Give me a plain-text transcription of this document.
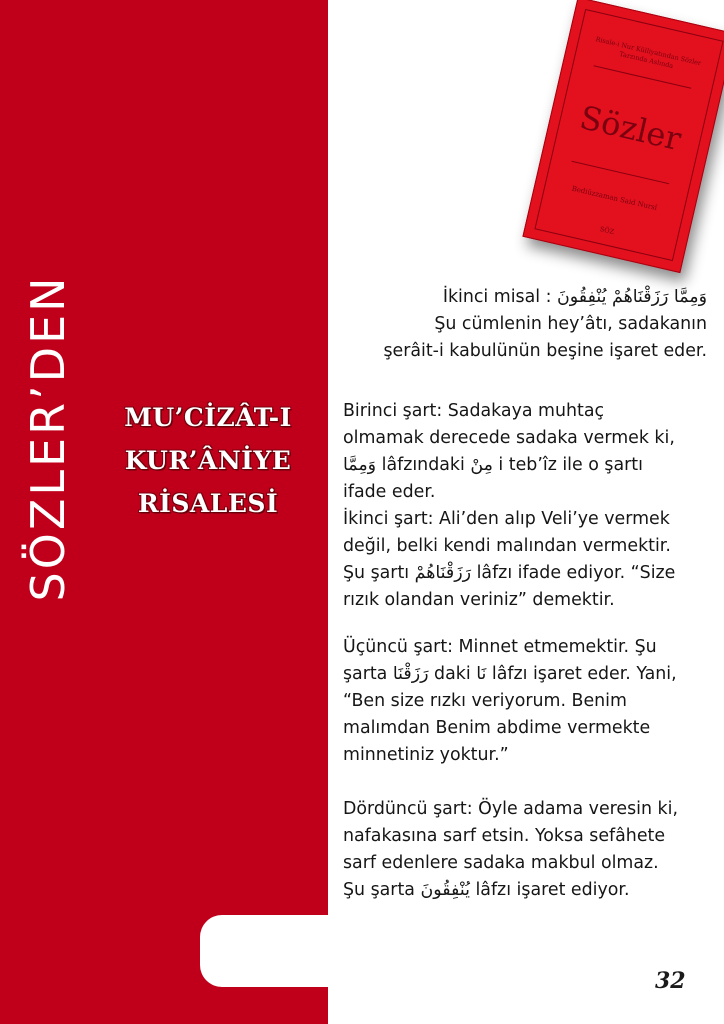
SÖZLER’DEN	MU’CİZÂT-I
KUR’ÂNİYE
RİSALESİ
Risale-i Nur Külliyatından Sözler Tarzında Aslında
Sözler
Bediüzzaman Said Nursî
SÖZ
İkinci misal : وَمِمَّا رَزَقْنَاهُمْ يُنْفِقُونَ
Şu cümlenin hey’âtı, sadakanın
şerâit-i kabulünün beşine işaret eder.
Birinci şart: Sadakaya muhtaç
olmamak derecede sadaka vermek ki,
وَمِمَّا lâfzındaki مِنْ i teb’îz ile o şartı
ifade eder.
İkinci şart: Ali’den alıp Veli’ye vermek
değil, belki kendi malından vermektir.
Şu şartı رَزَقْنَاهُمْ lâfzı ifade ediyor. “Size
rızık olandan veriniz” demektir.
Üçüncü şart: Minnet etmemektir. Şu
şarta رَزَقْنَا daki نَا lâfzı işaret eder. Yani,
“Ben size rızkı veriyorum. Benim
malımdan Benim abdime vermekte
minnetiniz yoktur.”
Dördüncü şart: Öyle adama veresin ki,
nafakasına sarf etsin. Yoksa sefâhete
sarf edenlere sadaka makbul olmaz.
Şu şarta يُنْفِقُونَ lâfzı işaret ediyor.
32
